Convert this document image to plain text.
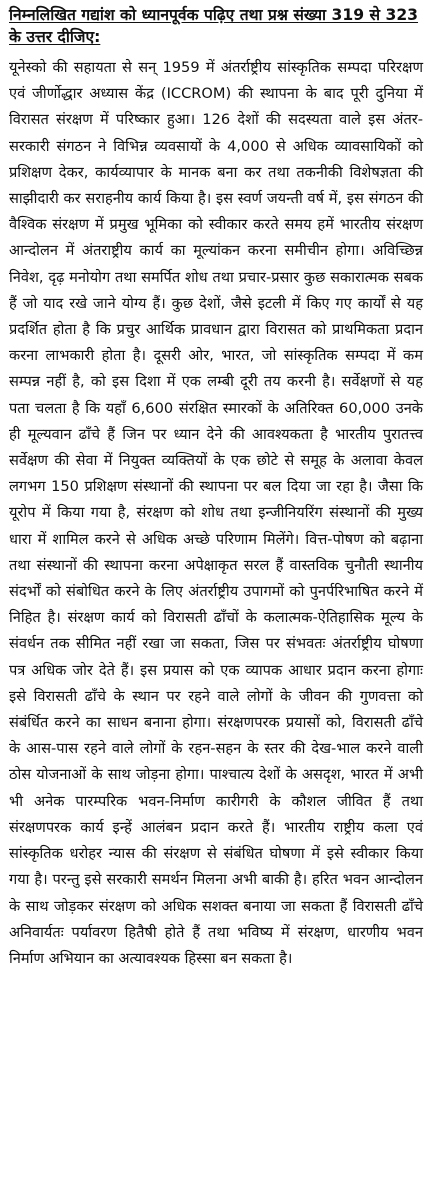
निम्नलिखित गद्यांश को ध्यानपूर्वक पढ़िए तथा प्रश्न संख्या 319 से 323 के उत्तर दीजिए:

यूनेस्को की सहायता से सन् 1959 में अंतर्राष्ट्रीय सांस्कृतिक सम्पदा परिरक्षण एवं जीर्णोद्धार अध्यास केंद्र (ICCROM) की स्थापना के बाद पूरी दुनिया में विरासत संरक्षण में परिष्कार हुआ। 126 देशों की सदस्यता वाले इस अंतर-सरकारी संगठन ने विभिन्न व्यवसायों के 4,000 से अधिक व्यावसायिकों को प्रशिक्षण देकर, कार्यव्यापार के मानक बना कर तथा तकनीकी विशेषज्ञता की साझीदारी कर सराहनीय कार्य किया है। इस स्वर्ण जयन्ती वर्ष में, इस संगठन की वैश्विक संरक्षण में प्रमुख भूमिका को स्वीकार करते समय हमें भारतीय संरक्षण आन्दोलन में अंतराष्ट्रीय कार्य का मूल्यांकन करना समीचीन होगा। अविच्छिन्न निवेश, दृढ़ मनोयोग तथा समर्पित शोध तथा प्रचार-प्रसार कुछ सकारात्मक सबक हैं जो याद रखे जाने योग्य हैं। कुछ देशों, जैसे इटली में किए गए कार्यों से यह प्रदर्शित होता है कि प्रचुर आर्थिक प्रावधान द्वारा विरासत को प्राथमिकता प्रदान करना लाभकारी होता है। दूसरी ओर, भारत, जो सांस्कृतिक सम्पदा में कम सम्पन्न नहीं है, को इस दिशा में एक लम्बी दूरी तय करनी है। सर्वेक्षणों से यह पता चलता है कि यहाँ 6,600 संरक्षित स्मारकों के अतिरिक्त 60,000 उनके ही मूल्यवान ढाँचे हैं जिन पर ध्यान देने की आवश्यकता है भारतीय पुरातत्त्व सर्वेक्षण की सेवा में नियुक्त व्यक्तियों के एक छोटे से समूह के अलावा केवल लगभग 150 प्रशिक्षण संस्थानों की स्थापना पर बल दिया जा रहा है। जैसा कि यूरोप में किया गया है, संरक्षण को शोध तथा इन्जीनियरिंग संस्थानों की मुख्य धारा में शामिल करने से अधिक अच्छे परिणाम मिलेंगे। वित्त-पोषण को बढ़ाना तथा संस्थानों की स्थापना करना अपेक्षाकृत सरल हैं वास्तविक चुनौती स्थानीय संदर्भों को संबोधित करने के लिए अंतर्राष्ट्रीय उपागमों को पुनर्परिभाषित करने में निहित है। संरक्षण कार्य को विरासती ढाँचों के कलात्मक-ऐतिहासिक मूल्य के संवर्धन तक सीमित नहीं रखा जा सकता, जिस पर संभवतः अंतर्राष्ट्रीय घोषणा पत्र अधिक जोर देते हैं। इस प्रयास को एक व्यापक आधार प्रदान करना होगाः इसे विरासती ढाँचे के स्थान पर रहने वाले लोगों के जीवन की गुणवत्ता को संबंर्धित करने का साधन बनाना होगा। संरक्षणपरक प्रयासों को, विरासती ढाँचे के आस-पास रहने वाले लोगों के रहन-सहन के स्तर की देख-भाल करने वाली ठोस योजनाओं के साथ जोड़ना होगा। पाश्चात्य देशों के असदृश, भारत में अभी भी अनेक पारम्परिक भवन-निर्माण कारीगरी के कौशल जीवित हैं तथा संरक्षणपरक कार्य इन्हें आलंबन प्रदान करते हैं। भारतीय राष्ट्रीय कला एवं सांस्कृतिक धरोहर न्यास की संरक्षण से संबंधित घोषणा में इसे स्वीकार किया गया है। परन्तु इसे सरकारी समर्थन मिलना अभी बाकी है। हरित भवन आन्दोलन के साथ जोड़कर संरक्षण को अधिक सशक्त बनाया जा सकता हैं विरासती ढाँचे अनिवार्यतः पर्यावरण हितैषी होते हैं तथा भविष्य में संरक्षण, धारणीय भवन निर्माण अभियान का अत्यावश्यक हिस्सा बन सकता है।
